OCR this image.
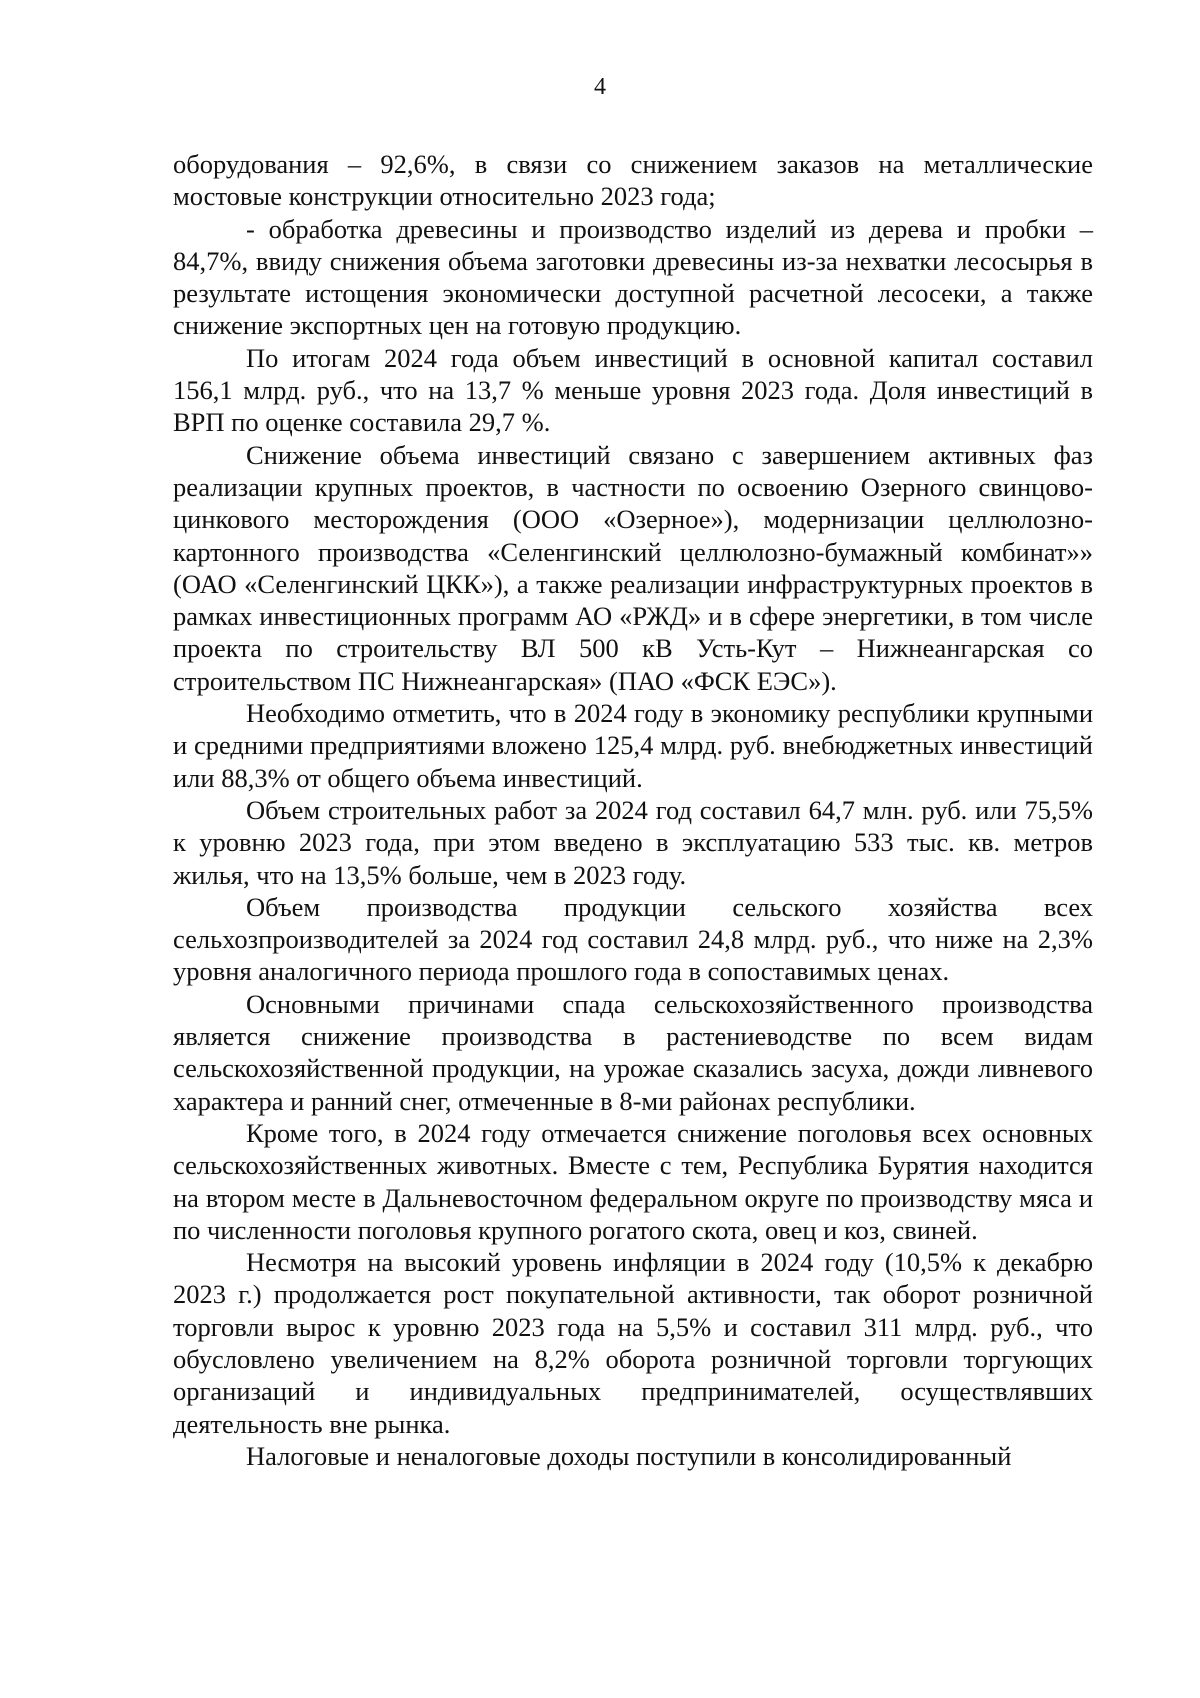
4

оборудования – 92,6%, в связи со снижением заказов на металлические мостовые конструкции относительно 2023 года;

- обработка древесины и производство изделий из дерева и пробки – 84,7%, ввиду снижения объема заготовки древесины из-за нехватки лесосырья в результате истощения экономически доступной расчетной лесосеки, а также снижение экспортных цен на готовую продукцию.

По итогам 2024 года объем инвестиций в основной капитал составил 156,1 млрд. руб., что на 13,7 % меньше уровня 2023 года. Доля инвестиций в ВРП по оценке составила 29,7 %.

Снижение объема инвестиций связано с завершением активных фаз реализации крупных проектов, в частности по освоению Озерного свинцово-цинкового месторождения (ООО «Озерное»), модернизации целлюлозно-картонного производства «Селенгинский целлюлозно-бумажный комбинат»» (ОАО «Селенгинский ЦКК»), а также реализации инфраструктурных проектов в рамках инвестиционных программ АО «РЖД» и в сфере энергетики, в том числе проекта по строительству ВЛ 500 кВ Усть-Кут – Нижнеангарская со строительством ПС Нижнеангарская» (ПАО «ФСК ЕЭС»).

Необходимо отметить, что в 2024 году в экономику республики крупными и средними предприятиями вложено 125,4 млрд. руб. внебюджетных инвестиций или 88,3% от общего объема инвестиций.

Объем строительных работ за 2024 год составил 64,7 млн. руб. или 75,5% к уровню 2023 года, при этом введено в эксплуатацию 533 тыс. кв. метров жилья, что на 13,5% больше, чем в 2023 году.

Объем производства продукции сельского хозяйства всех сельхозпроизводителей за 2024 год составил 24,8 млрд. руб., что ниже на 2,3% уровня аналогичного периода прошлого года в сопоставимых ценах.

Основными причинами спада сельскохозяйственного производства является снижение производства в растениеводстве по всем видам сельскохозяйственной продукции, на урожае сказались засуха, дожди ливневого характера и ранний снег, отмеченные в 8-ми районах республики.

Кроме того, в 2024 году отмечается снижение поголовья всех основных сельскохозяйственных животных. Вместе с тем, Республика Бурятия находится на втором месте в Дальневосточном федеральном округе по производству мяса и по численности поголовья крупного рогатого скота, овец и коз, свиней.

Несмотря на высокий уровень инфляции в 2024 году (10,5% к декабрю 2023 г.) продолжается рост покупательной активности, так оборот розничной торговли вырос к уровню 2023 года на 5,5% и составил 311 млрд. руб., что обусловлено увеличением на 8,2% оборота розничной торговли торгующих организаций и индивидуальных предпринимателей, осуществлявших деятельность вне рынка.

Налоговые и неналоговые доходы поступили в консолидированный
